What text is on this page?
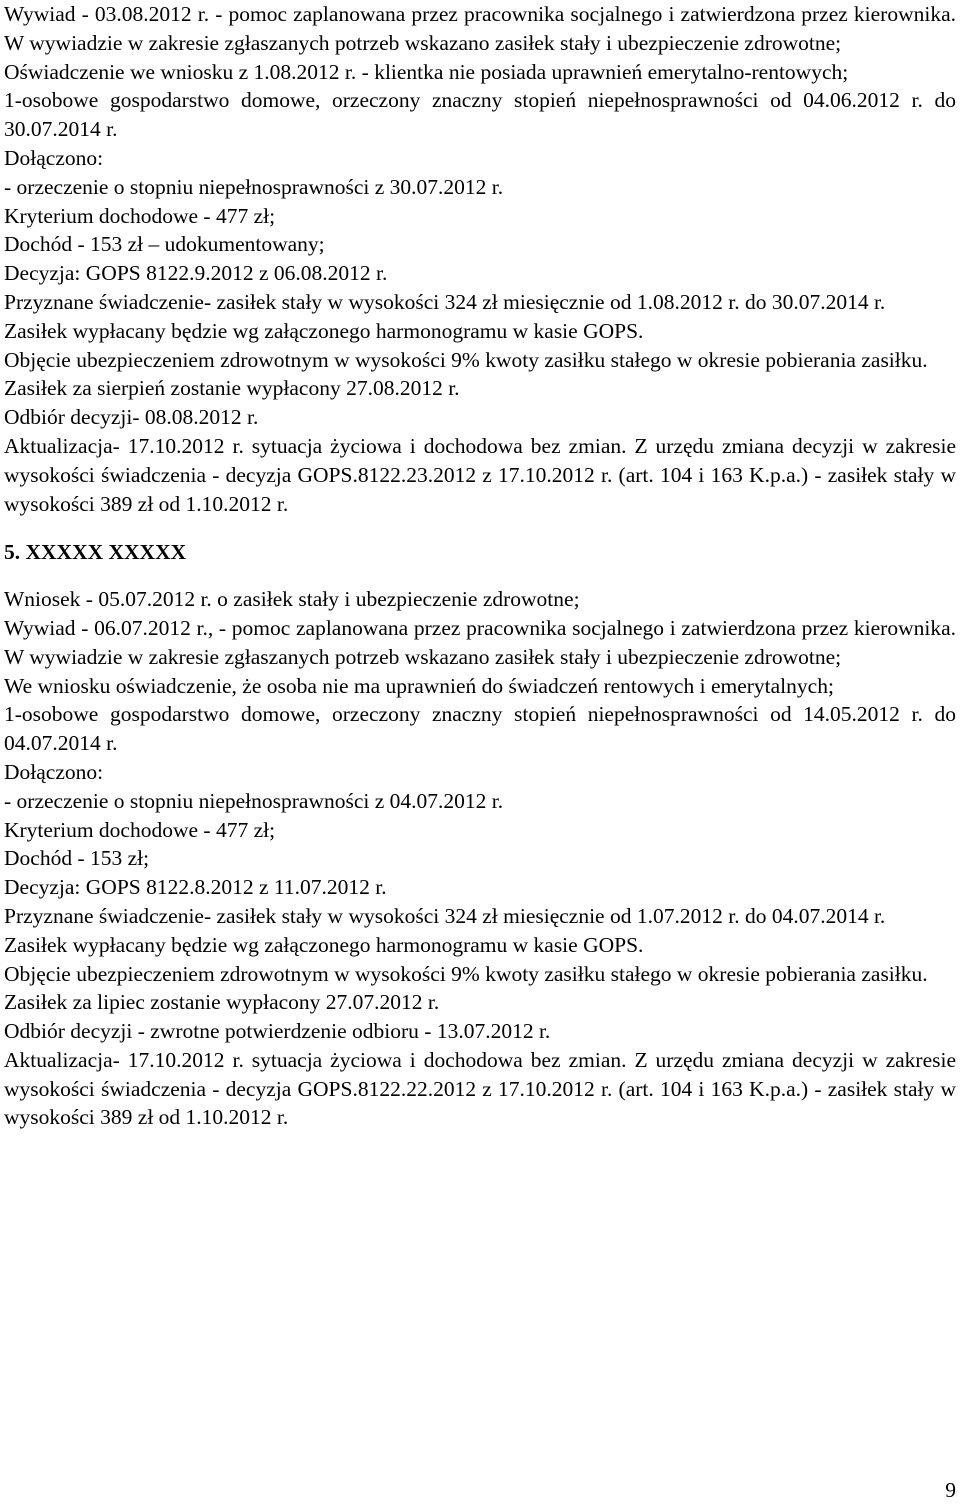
Wywiad - 03.08.2012 r. - pomoc zaplanowana przez pracownika socjalnego i zatwierdzona przez kierownika. W wywiadzie w zakresie zgłaszanych potrzeb wskazano zasiłek stały i ubezpieczenie zdrowotne;

Oświadczenie we wniosku z 1.08.2012 r. - klientka nie posiada uprawnień emerytalno-rentowych;

1-osobowe gospodarstwo domowe, orzeczony znaczny stopień niepełnosprawności od 04.06.2012 r. do 30.07.2014 r.

Dołączono:

- orzeczenie o stopniu niepełnosprawności z 30.07.2012 r.

Kryterium dochodowe - 477 zł;

Dochód - 153 zł – udokumentowany;

Decyzja: GOPS 8122.9.2012 z 06.08.2012 r.

Przyznane świadczenie- zasiłek stały w wysokości 324 zł miesięcznie od 1.08.2012 r. do 30.07.2014 r.

Zasiłek wypłacany będzie wg załączonego harmonogramu w kasie GOPS.

Objęcie ubezpieczeniem zdrowotnym w wysokości 9% kwoty zasiłku stałego w okresie pobierania zasiłku.

Zasiłek za sierpień zostanie wypłacony 27.08.2012 r.

Odbiór decyzji- 08.08.2012 r.

Aktualizacja- 17.10.2012 r. sytuacja życiowa i dochodowa bez zmian. Z urzędu zmiana decyzji w zakresie wysokości świadczenia - decyzja GOPS.8122.23.2012 z 17.10.2012 r. (art. 104 i 163 K.p.a.) - zasiłek stały w wysokości 389 zł od 1.10.2012 r.

5. XXXXX XXXXX

Wniosek - 05.07.2012 r. o zasiłek stały i ubezpieczenie zdrowotne;

Wywiad - 06.07.2012 r., - pomoc zaplanowana przez pracownika socjalnego i zatwierdzona przez kierownika. W wywiadzie w zakresie zgłaszanych potrzeb wskazano zasiłek stały i ubezpieczenie zdrowotne;

We wniosku oświadczenie, że osoba nie ma uprawnień do świadczeń rentowych i emerytalnych;

1-osobowe gospodarstwo domowe, orzeczony znaczny stopień niepełnosprawności od 14.05.2012 r. do 04.07.2014 r.

Dołączono:

- orzeczenie o stopniu niepełnosprawności z 04.07.2012 r.

Kryterium dochodowe - 477 zł;

Dochód - 153 zł;

Decyzja: GOPS 8122.8.2012 z 11.07.2012 r.

Przyznane świadczenie- zasiłek stały w wysokości 324 zł miesięcznie od 1.07.2012 r. do 04.07.2014 r.

Zasiłek wypłacany będzie wg załączonego harmonogramu w kasie GOPS.

Objęcie ubezpieczeniem zdrowotnym w wysokości 9% kwoty zasiłku stałego w okresie pobierania zasiłku.

Zasiłek za lipiec zostanie wypłacony 27.07.2012 r.

Odbiór decyzji - zwrotne potwierdzenie odbioru - 13.07.2012 r.

Aktualizacja- 17.10.2012 r. sytuacja życiowa i dochodowa bez zmian. Z urzędu zmiana decyzji w zakresie wysokości świadczenia - decyzja GOPS.8122.22.2012 z 17.10.2012 r. (art. 104 i 163 K.p.a.) - zasiłek stały w wysokości 389 zł od 1.10.2012 r.

9
